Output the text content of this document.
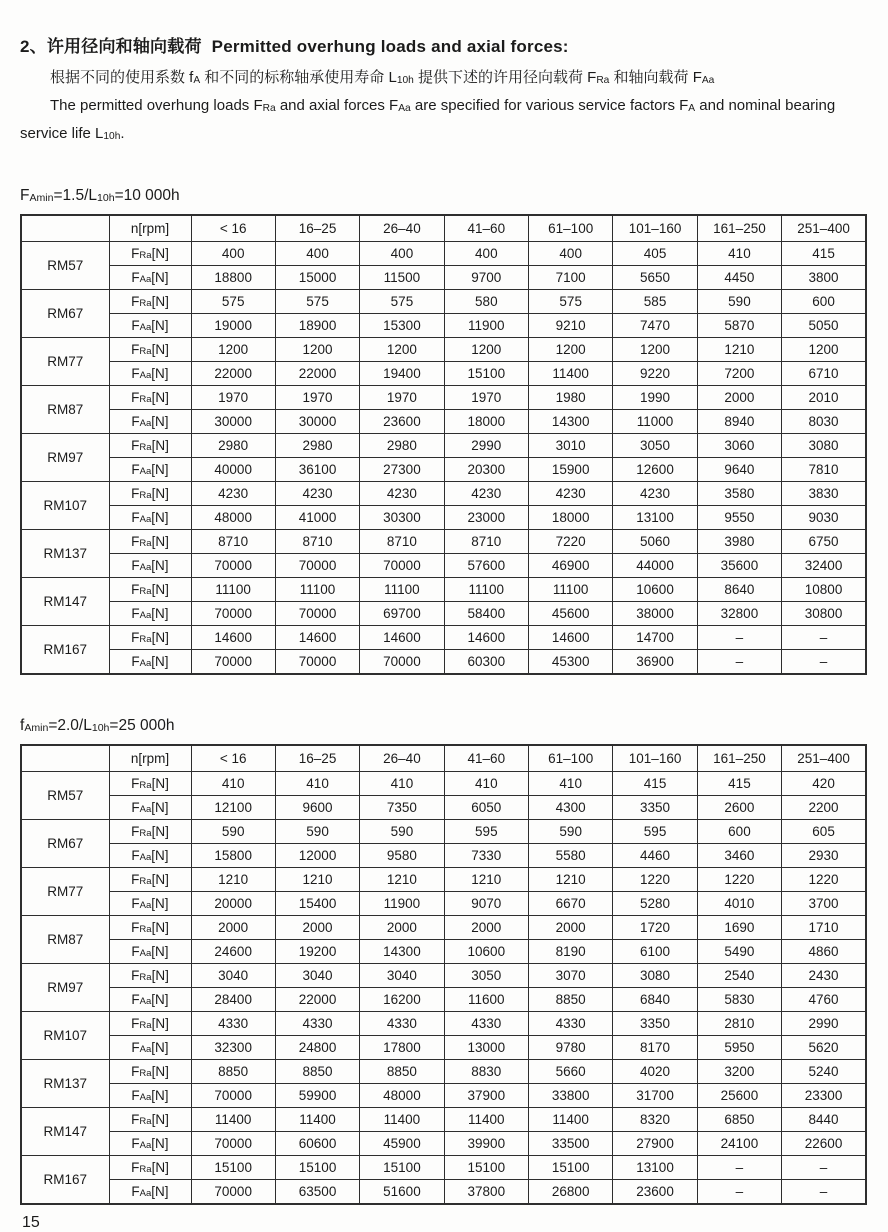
2、许用径向和轴向载荷 Permitted overhung loads and axial forces:

根据不同的使用系数 $f_A$ 和不同的标称轴承使用寿命 $L_{10h}$ 提供下述的许用径向载荷 $F_{Ra}$ 和轴向载荷 $F_{Aa}$

The permitted overhung loads $F_{Ra}$ and axial forces $F_{Aa}$ are specified for various service factors $F_A$ and nominal bearing service life $L_{10h}$.

$F_{Amin}=1.5/L_{10h}=10$ 000h
	n[rpm]	< 16	16–25	26–40	41–60	61–100	101–160	161–250	251–400
RM57	$F_{Ra}[N]$	400	400	400	400	400	405	410	415
	$F_{Aa}[N]$	18800	15000	11500	9700	7100	5650	4450	3800
RM67	$F_{Ra}[N]$	575	575	575	580	575	585	590	600
	$F_{Aa}[N]$	19000	18900	15300	11900	9210	7470	5870	5050
RM77	$F_{Ra}[N]$	1200	1200	1200	1200	1200	1200	1210	1200
	$F_{Aa}[N]$	22000	22000	19400	15100	11400	9220	7200	6710
RM87	$F_{Ra}[N]$	1970	1970	1970	1970	1980	1990	2000	2010
	$F_{Aa}[N]$	30000	30000	23600	18000	14300	11000	8940	8030
RM97	$F_{Ra}[N]$	2980	2980	2980	2990	3010	3050	3060	3080
	$F_{Aa}[N]$	40000	36100	27300	20300	15900	12600	9640	7810
RM107	$F_{Ra}[N]$	4230	4230	4230	4230	4230	4230	3580	3830
	$F_{Aa}[N]$	48000	41000	30300	23000	18000	13100	9550	9030
RM137	$F_{Ra}[N]$	8710	8710	8710	8710	7220	5060	3980	6750
	$F_{Aa}[N]$	70000	70000	70000	57600	46900	44000	35600	32400
RM147	$F_{Ra}[N]$	11100	11100	11100	11100	11100	10600	8640	10800
	$F_{Aa}[N]$	70000	70000	69700	58400	45600	38000	32800	30800
RM167	$F_{Ra}[N]$	14600	14600	14600	14600	14600	14700	–	–
	$F_{Aa}[N]$	70000	70000	70000	60300	45300	36900	–	–
$f_{Amin}=2.0/L_{10h}=25$ 000h
	n[rpm]	< 16	16–25	26–40	41–60	61–100	101–160	161–250	251–400
RM57	$F_{Ra}[N]$	410	410	410	410	410	415	415	420
	$F_{Aa}[N]$	12100	9600	7350	6050	4300	3350	2600	2200
RM67	$F_{Ra}[N]$	590	590	590	595	590	595	600	605
	$F_{Aa}[N]$	15800	12000	9580	7330	5580	4460	3460	2930
RM77	$F_{Ra}[N]$	1210	1210	1210	1210	1210	1220	1220	1220
	$F_{Aa}[N]$	20000	15400	11900	9070	6670	5280	4010	3700
RM87	$F_{Ra}[N]$	2000	2000	2000	2000	2000	1720	1690	1710
	$F_{Aa}[N]$	24600	19200	14300	10600	8190	6100	5490	4860
RM97	$F_{Ra}[N]$	3040	3040	3040	3050	3070	3080	2540	2430
	$F_{Aa}[N]$	28400	22000	16200	11600	8850	6840	5830	4760
RM107	$F_{Ra}[N]$	4330	4330	4330	4330	4330	3350	2810	2990
	$F_{Aa}[N]$	32300	24800	17800	13000	9780	8170	5950	5620
RM137	$F_{Ra}[N]$	8850	8850	8850	8830	5660	4020	3200	5240
	$F_{Aa}[N]$	70000	59900	48000	37900	33800	31700	25600	23300
RM147	$F_{Ra}[N]$	11400	11400	11400	11400	11400	8320	6850	8440
	$F_{Aa}[N]$	70000	60600	45900	39900	33500	27900	24100	22600
RM167	$F_{Ra}[N]$	15100	15100	15100	15100	15100	13100	–	–
	$F_{Aa}[N]$	70000	63500	51600	37800	26800	23600	–	–
15
